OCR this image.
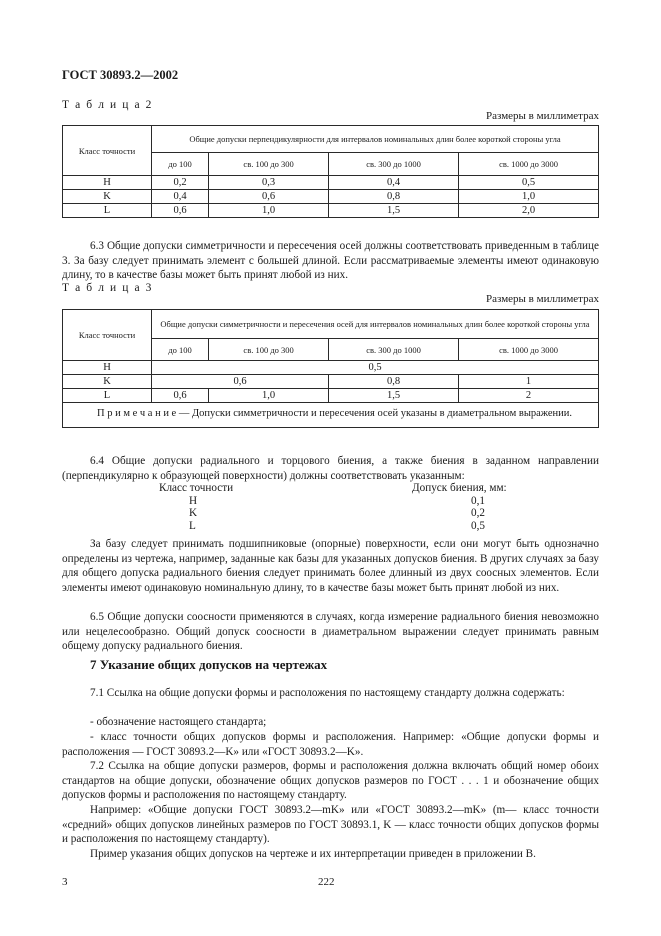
ГОСТ 30893.2—2002
Т а б л и ц а 2
Размеры в миллиметрах
Класс точности	Общие допуски перпендикулярности для интервалов номинальных длин более короткой стороны угла			
	до 100	св. 100 до 300	св. 300 до 1000	св. 1000 до 3000
H	0,2	0,3	0,4	0,5
K	0,4	0,6	0,8	1,0
L	0,6	1,0	1,5	2,0
6.3 Общие допуски симметричности и пересечения осей должны соответствовать приведенным в таблице 3. За базу следует принимать элемент с большей длиной. Если рассматриваемые элементы имеют одинаковую длину, то в качестве базы может быть принят любой из них.
Т а б л и ц а 3
Размеры в миллиметрах
Класс точности	Общие допуски симметричности и пересечения осей для интервалов номинальных длин более короткой стороны угла			
	до 100	св. 100 до 300	св. 300 до 1000	св. 1000 до 3000
H	0,5			
K	0,6		0,8	1
L	0,6	1,0	1,5	2

П р и м е ч а н и е — Допуски симметричности и пересечения осей указаны в диаметральном выражении.				
6.4 Общие допуски радиального и торцового биения, а также биения в заданном направлении (перпендикулярно к образующей поверхности) должны соответствовать указанным:
Класс точности	Допуск биения, мм:
H	0,1
K	0,2
L	0,5
За базу следует принимать подшипниковые (опорные) поверхности, если они могут быть однозначно определены из чертежа, например, заданные как базы для указанных допусков биения. В других случаях за базу для общего допуска радиального биения следует принимать более длинный из двух соосных элементов. Если элементы имеют одинаковую номинальную длину, то в качестве базы может быть принят любой из них.
6.5 Общие допуски соосности применяются в случаях, когда измерение радиального биения невозможно или нецелесообразно. Общий допуск соосности в диаметральном выражении следует принимать равным общему допуску радиального биения.
7 Указание общих допусков на чертежах
7.1 Ссылка на общие допуски формы и расположения по настоящему стандарту должна содержать:
- обозначение настоящего стандарта;
- класс точности общих допусков формы и расположения. Например: «Общие допуски формы и расположения — ГОСТ 30893.2—K» или «ГОСТ 30893.2—K».
7.2 Ссылка на общие допуски размеров, формы и расположения должна включать общий номер обоих стандартов на общие допуски, обозначение общих допусков размеров по ГОСТ . . . 1 и обозначение общих допусков формы и расположения по настоящему стандарту.
Например: «Общие допуски ГОСТ 30893.2—mK» или «ГОСТ 30893.2—mK» (m— класс точности «средний» общих допусков линейных размеров по ГОСТ 30893.1, K — класс точности общих допусков формы и расположения по настоящему стандарту).
Пример указания общих допусков на чертеже и их интерпретации приведен в приложении В.
3	222
